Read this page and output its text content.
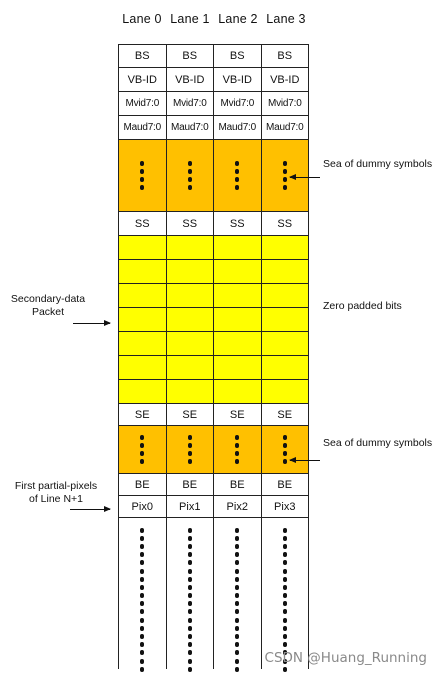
Lane 0 Lane 1 Lane 2 Lane 3
BS	BS	BS	BS
VB-ID	VB-ID	VB-ID	VB-ID
Mvid7:0	Mvid7:0	Mvid7:0	Mvid7:0
Maud7:0 Maud7:0 Maud7:0 Maud7:0
SS	SS	SS	SS
SE	SE	SE	SE
BE	BE	BE	BE
Pix0	Pix1	Pix2	Pix3
Sea of dummy symbols
Zero padded bits
Sea of dummy symbols
Secondary-data
Packet
First partial-pixels
of Line N+1
CSDN @Huang_Running
